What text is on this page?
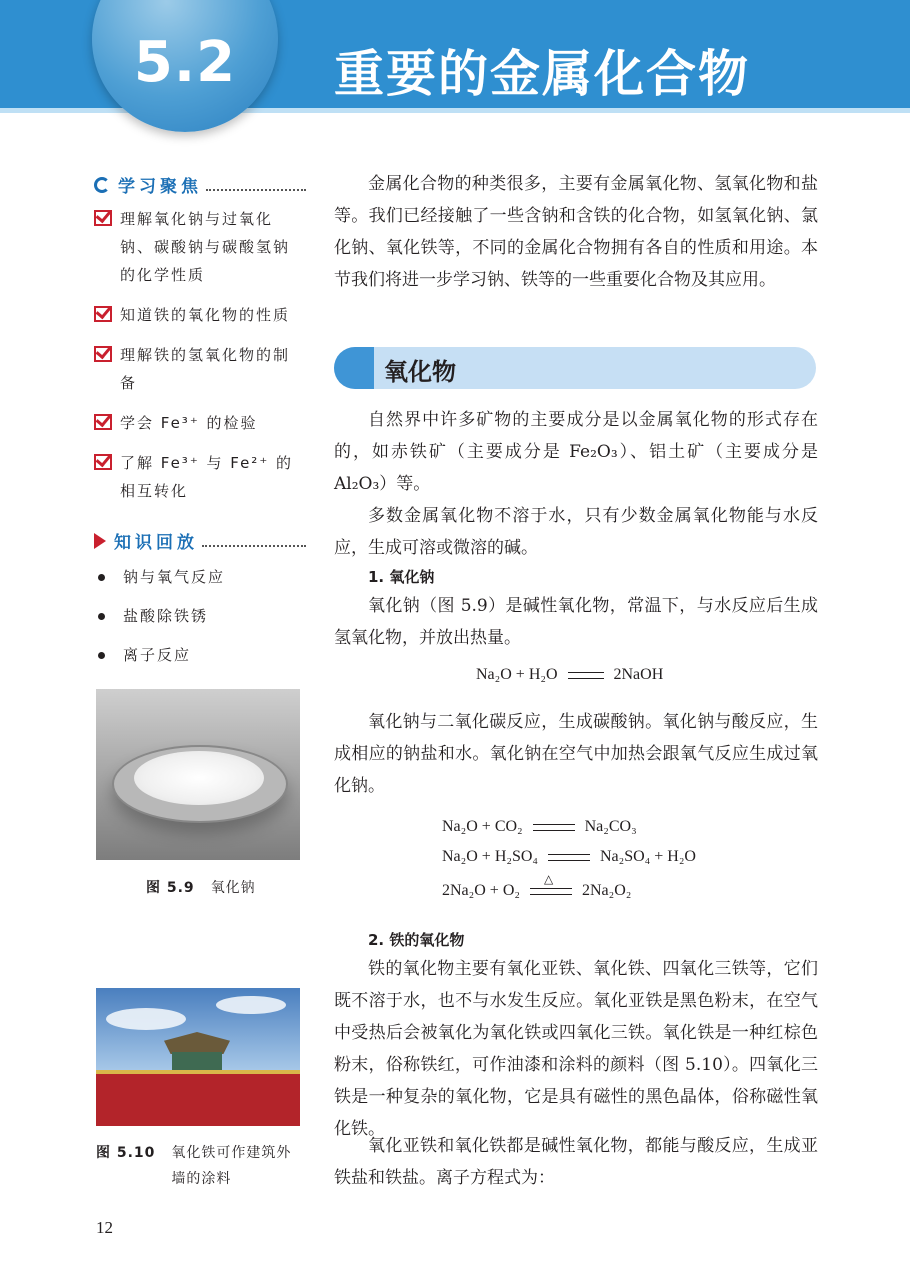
5.2	重要的金属化合物
学习聚焦
理解氧化钠与过氧化钠、碳酸钠与碳酸氢钠的化学性质
知道铁的氧化物的性质
理解铁的氢氧化物的制备
学会 Fe³⁺ 的检验
了解 Fe³⁺ 与 Fe²⁺ 的相互转化
知识回放
钠与氧气反应
盐酸除铁锈
离子反应
图 5.9 氧化钠
图 5.10 氧化铁可作建筑外墙的涂料
金属化合物的种类很多，主要有金属氧化物、氢氧化物和盐等。我们已经接触了一些含钠和含铁的化合物，如氢氧化钠、氯化钠、氧化铁等，不同的金属化合物拥有各自的性质和用途。本节我们将进一步学习钠、铁等的一些重要化合物及其应用。
氧化物
自然界中许多矿物的主要成分是以金属氧化物的形式存在的，如赤铁矿（主要成分是 Fe₂O₃）、铝土矿（主要成分是 Al₂O₃）等。
多数金属氧化物不溶于水，只有少数金属氧化物能与水反应，生成可溶或微溶的碱。
1. 氧化钠
氧化钠（图 5.9）是碱性氧化物，常温下，与水反应后生成氢氧化物，并放出热量。
Na₂O + H₂O	2NaOH
氧化钠与二氧化碳反应，生成碳酸钠。氧化钠与酸反应，生成相应的钠盐和水。氧化钠在空气中加热会跟氧气反应生成过氧化钠。
Na₂O + CO₂	Na₂CO₃
Na₂O + H₂SO₄	Na₂SO₄ + H₂O
2Na₂O + O₂
△
2Na₂O₂
2. 铁的氧化物
铁的氧化物主要有氧化亚铁、氧化铁、四氧化三铁等，它们既不溶于水，也不与水发生反应。氧化亚铁是黑色粉末，在空气中受热后会被氧化为氧化铁或四氧化三铁。氧化铁是一种红棕色粉末，俗称铁红，可作油漆和涂料的颜料（图 5.10）。四氧化三铁是一种复杂的氧化物，它是具有磁性的黑色晶体，俗称磁性氧化铁。
氧化亚铁和氧化铁都是碱性氧化物，都能与酸反应，生成亚铁盐和铁盐。离子方程式为：
12
